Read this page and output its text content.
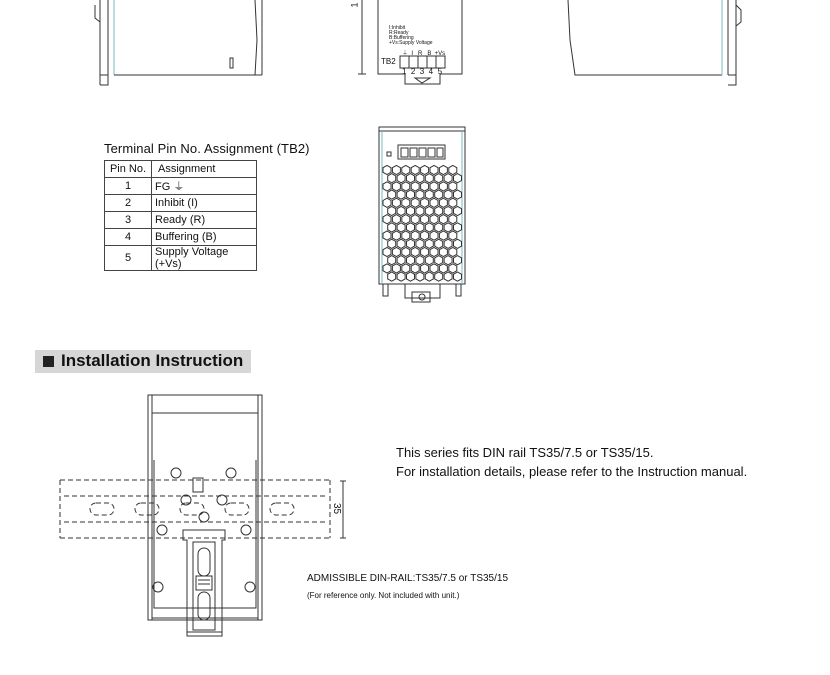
1
I:Inhibit
R:Ready
B:Buffering
+Vs:Supply Voltage
⏚  I   R   B  +Vs
TB2
1  2  3  4  5
Terminal Pin No. Assignment (TB2)
Pin No.	Assignment
1	FG ⏚
2	Inhibit (I)
3	Ready (R)
4	Buffering (B)
5	Supply Voltage (+Vs)
Installation Instruction
35
This series fits DIN rail TS35/7.5 or TS35/15.
For installation details, please refer to the Instruction manual.
ADMISSIBLE DIN-RAIL:TS35/7.5 or TS35/15
(For reference only. Not included with unit.)
